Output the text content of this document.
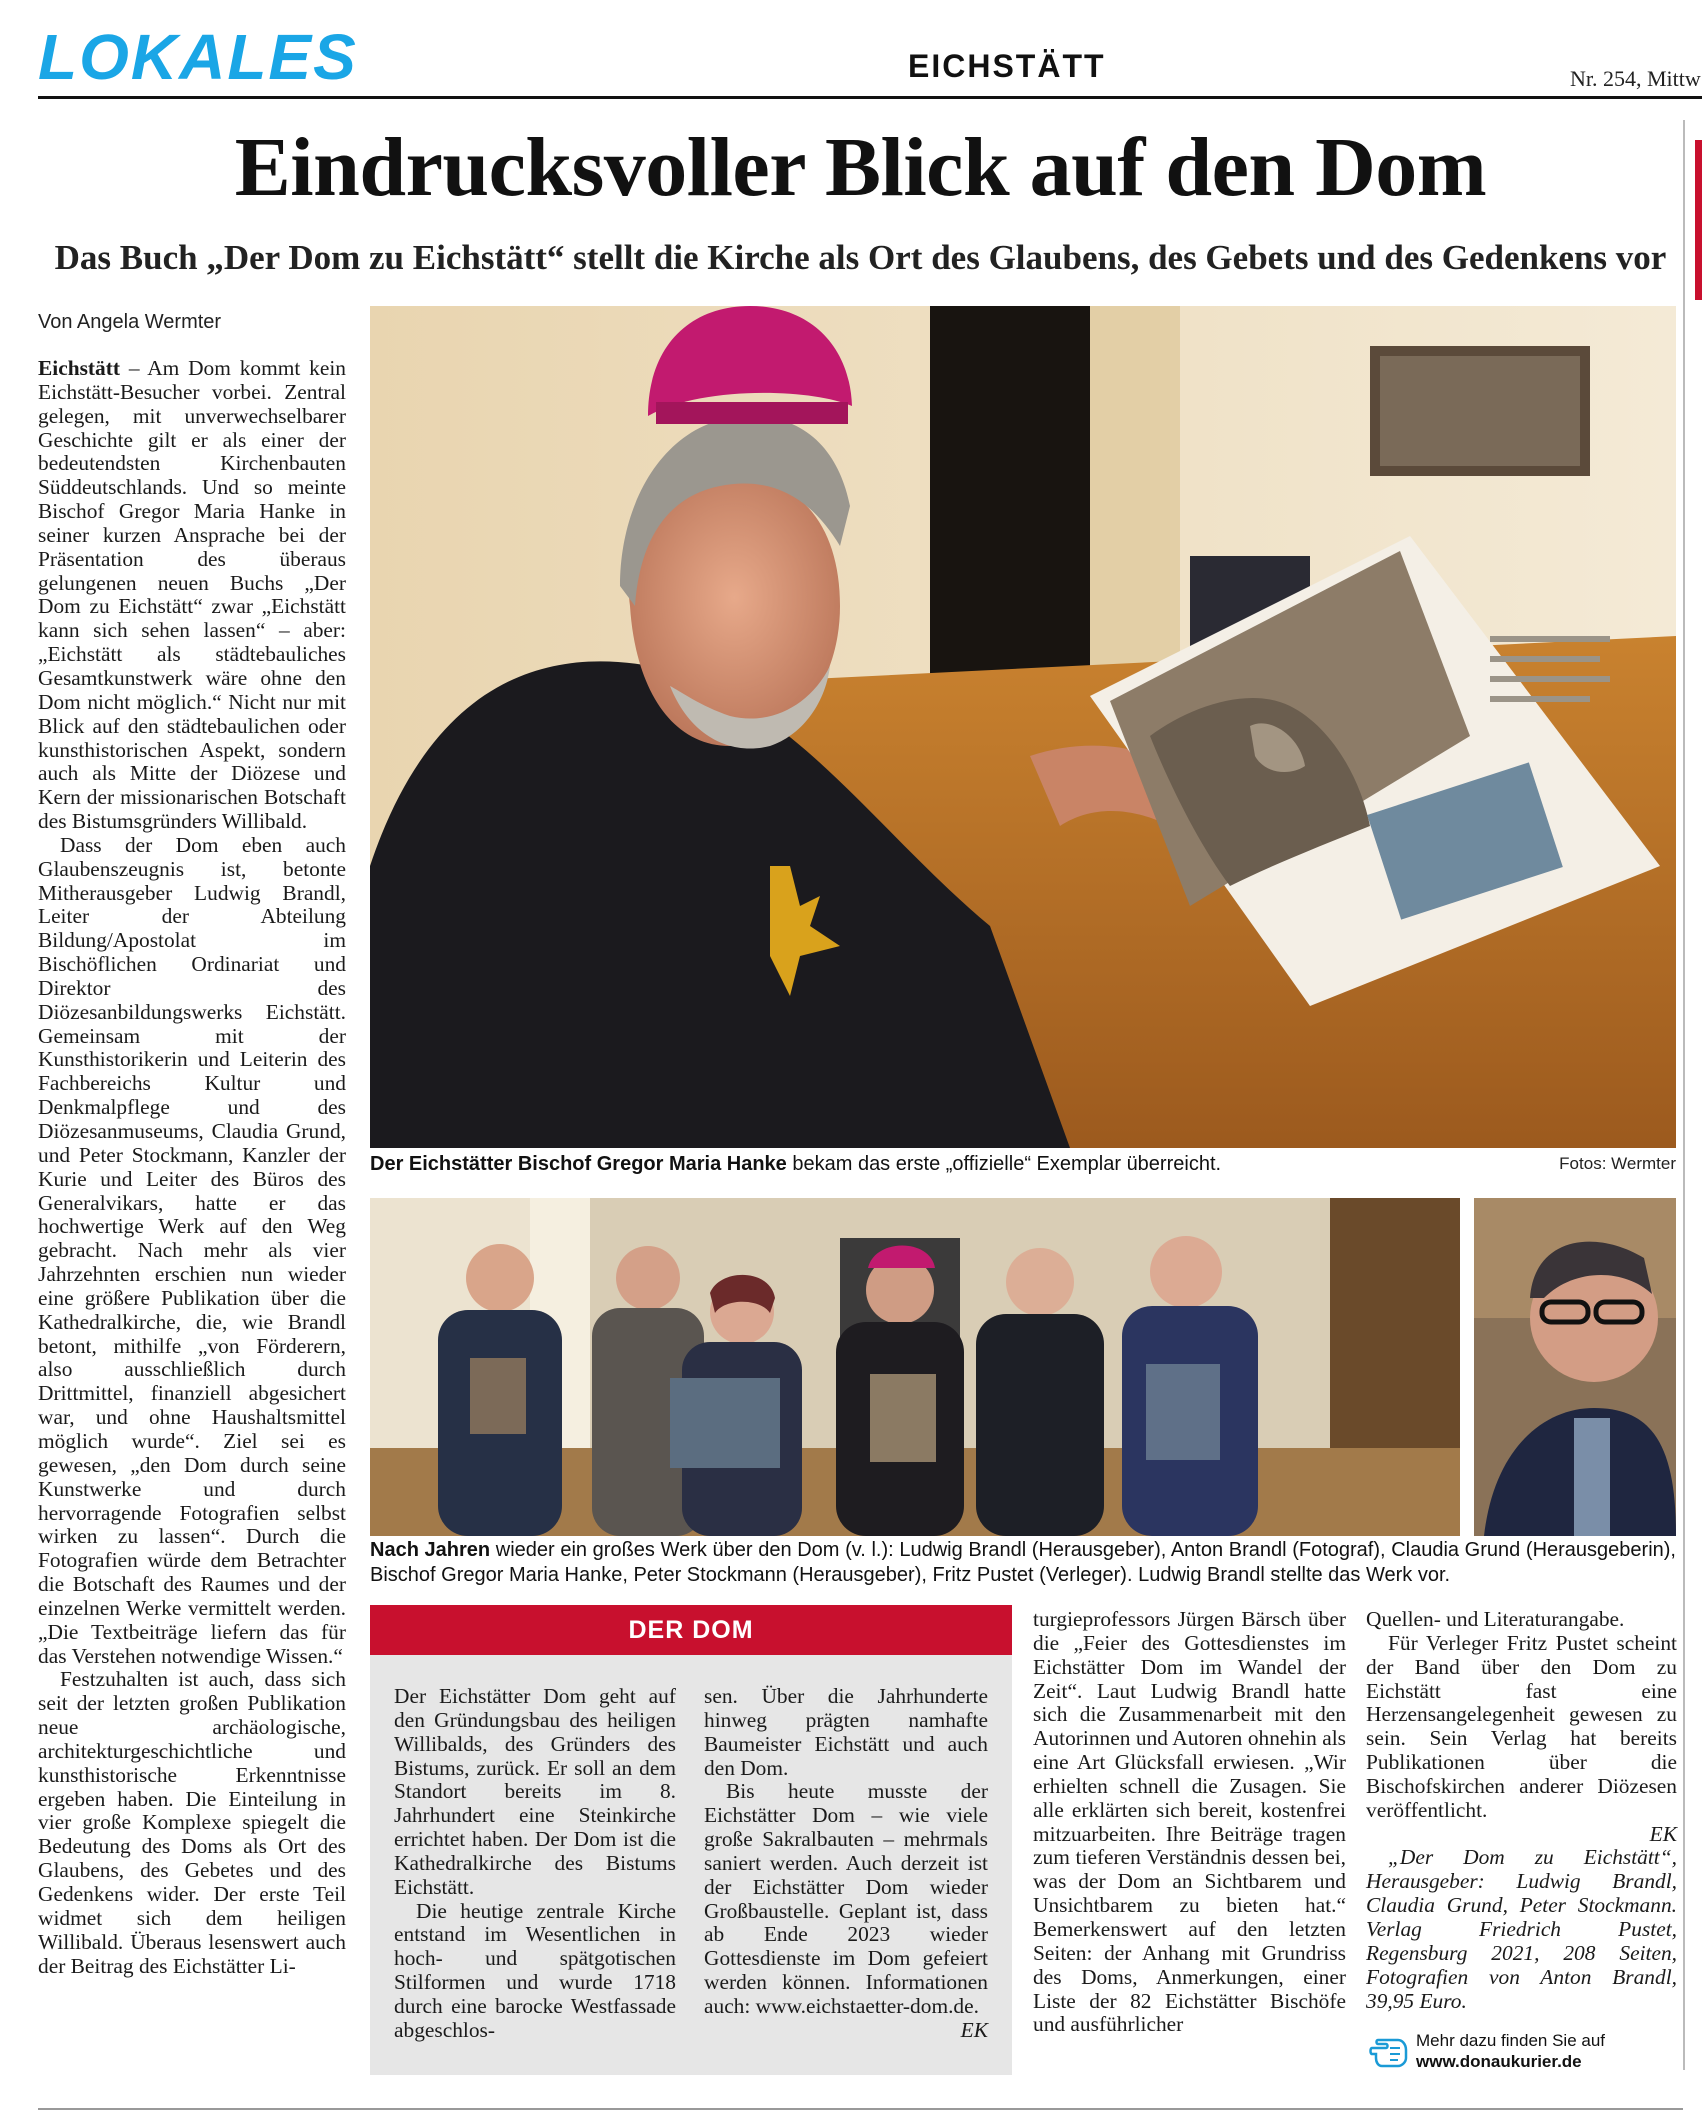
LOKALES	EICHSTÄTT	Nr. 254, Mittw
Eindrucksvoller Blick auf den Dom
Das Buch „Der Dom zu Eichstätt“ stellt die Kirche als Ort des Glaubens, des Gebets und des Gedenkens vor
Von Angela Wermter

Eichstätt – Am Dom kommt kein Eichstätt-Besucher vorbei. Zentral gelegen, mit unverwechselbarer Geschichte gilt er als einer der bedeutendsten Kirchenbauten Süddeutschlands. Und so meinte Bischof Gregor Maria Hanke in seiner kurzen Ansprache bei der Präsentation des überaus gelungenen neuen Buchs „Der Dom zu Eichstätt“ zwar „Eichstätt kann sich sehen lassen“ – aber: „Eichstätt als städtebauliches Gesamtkunstwerk wäre ohne den Dom nicht möglich.“ Nicht nur mit Blick auf den städtebaulichen oder kunsthistorischen Aspekt, sondern auch als Mitte der Diözese und Kern der missionarischen Botschaft des Bistumsgründers Willibald.

Dass der Dom eben auch Glaubenszeugnis ist, betonte Mitherausgeber Ludwig Brandl, Leiter der Abteilung Bildung/Apostolat im Bischöflichen Ordinariat und Direktor des Diözesanbildungswerks Eichstätt. Gemeinsam mit der Kunsthistorikerin und Leiterin des Fachbereichs Kultur und Denkmalpflege und des Diözesanmuseums, Claudia Grund, und Peter Stockmann, Kanzler der Kurie und Leiter des Büros des Generalvikars, hatte er das hochwertige Werk auf den Weg gebracht. Nach mehr als vier Jahrzehnten erschien nun wieder eine größere Publikation über die Kathedralkirche, die, wie Brandl betont, mithilfe „von Förderern, also ausschließlich durch Drittmittel, finanziell abgesichert war, und ohne Haushaltsmittel möglich wurde“. Ziel sei es gewesen, „den Dom durch seine Kunstwerke und durch hervorragende Fotografien selbst wirken zu lassen“. Durch die Fotografien würde dem Betrachter die Botschaft des Raumes und der einzelnen Werke vermittelt werden. „Die Textbeiträge liefern das für das Verstehen notwendige Wissen.“

Festzuhalten ist auch, dass sich seit der letzten großen Publikation neue archäologische, architekturgeschichtliche und kunsthistorische Erkenntnisse ergeben haben. Die Einteilung in vier große Komplexe spiegelt die Bedeutung des Doms als Ort des Glaubens, des Gebetes und des Gedenkens wider. Der erste Teil widmet sich dem heiligen Willibald. Überaus lesenswert auch der Beitrag des Eichstätter Li-

Der Eichstätter Bischof Gregor Maria Hanke bekam das erste „offizielle“ Exemplar überreicht.	Fotos: Wermter
Nach Jahren wieder ein großes Werk über den Dom (v. l.): Ludwig Brandl (Herausgeber), Anton Brandl (Fotograf), Claudia Grund (Herausgeberin), Bischof Gregor Maria Hanke, Peter Stockmann (Herausgeber), Fritz Pustet (Verleger). Ludwig Brandl stellte das Werk vor.
DER DOM

Der Eichstätter Dom geht auf den Gründungsbau des heiligen Willibalds, des Gründers des Bistums, zurück. Er soll an dem Standort bereits im 8. Jahrhundert eine Steinkirche errichtet haben. Der Dom ist die Kathedralkirche des Bistums Eichstätt.

Die heutige zentrale Kirche entstand im Wesentlichen in hoch- und spätgotischen Stilformen und wurde 1718 durch eine barocke Westfassade abgeschlos-

sen. Über die Jahrhunderte hinweg prägten namhafte Baumeister Eichstätt und auch den Dom.

Bis heute musste der Eichstätter Dom – wie viele große Sakralbauten – mehrmals saniert werden. Auch derzeit ist der Eichstätter Dom wieder Großbaustelle. Geplant ist, dass ab Ende 2023 wieder Gottesdienste im Dom gefeiert werden können. Informationen auch: www.eichstaetter-dom.de.

EK

turgieprofessors Jürgen Bärsch über die „Feier des Gottesdienstes im Eichstätter Dom im Wandel der Zeit“. Laut Ludwig Brandl hatte sich die Zusammenarbeit mit den Autorinnen und Autoren ohnehin als eine Art Glücksfall erwiesen. „Wir erhielten schnell die Zusagen. Sie alle erklärten sich bereit, kostenfrei mitzuarbeiten. Ihre Beiträge tragen zum tieferen Verständnis dessen bei, was der Dom an Sichtbarem und Unsichtbarem zu bieten hat.“ Bemerkenswert auf den letzten Seiten: der Anhang mit Grundriss des Doms, Anmerkungen, einer Liste der 82 Eichstätter Bischöfe und ausführlicher

Quellen- und Literaturangabe.

Für Verleger Fritz Pustet scheint der Band über den Dom zu Eichstätt fast eine Herzensangelegenheit gewesen zu sein. Sein Verlag hat bereits Publikationen über die Bischofskirchen anderer Diözesen veröffentlicht.

EK

„Der Dom zu Eichstätt“, Herausgeber: Ludwig Brandl, Claudia Grund, Peter Stockmann. Verlag Friedrich Pustet, Regensburg 2021, 208 Seiten, Fotografien von Anton Brandl, 39,95 Euro.

Mehr dazu finden Sie auf
www.donaukurier.de
